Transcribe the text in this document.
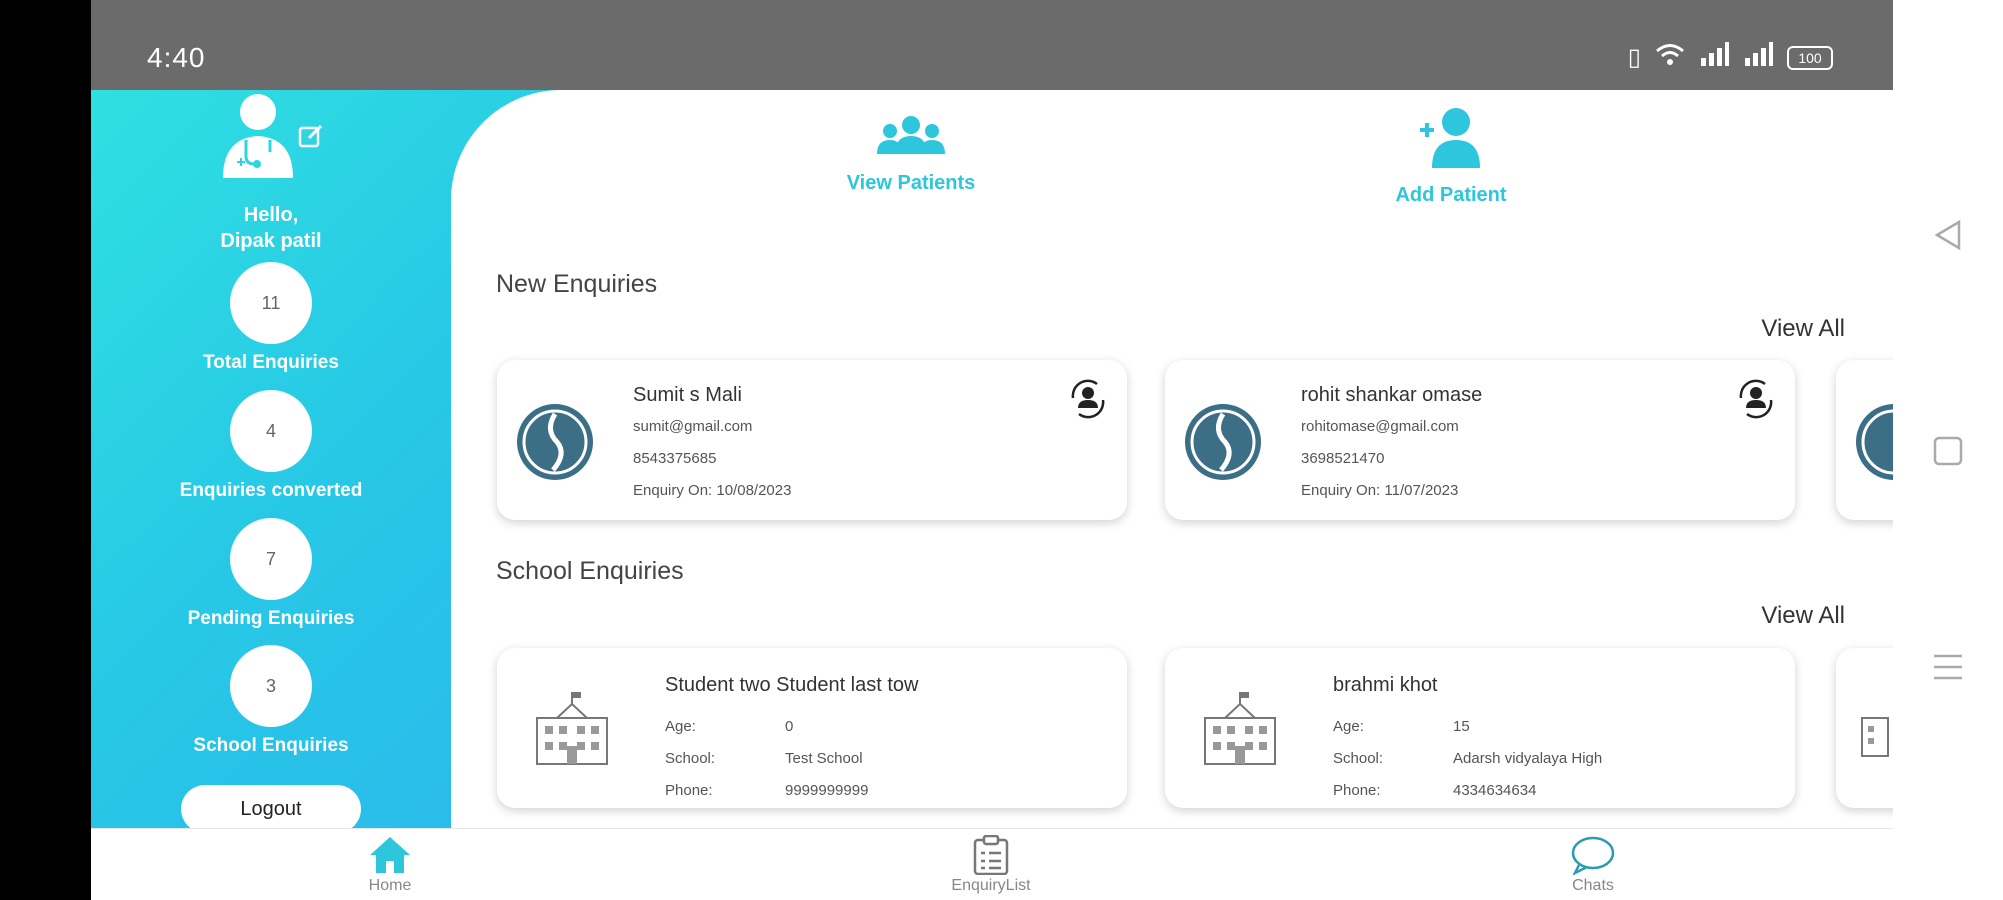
4:40	▯	100
Hello,
Dipak patil
11
Total Enquiries
4
Enquiries converted
7
Pending Enquiries
3
School Enquiries
Logout
View Patients
Add Patient
New Enquiries
View All
Sumit s Mali
sumit@gmail.com
8543375685
Enquiry On: 10/08/2023
rohit shankar omase
rohitomase@gmail.com
3698521470
Enquiry On: 11/07/2023
School Enquiries
View All
Student two Student last tow
Age:	0
School:	Test School
Phone:	9999999999
brahmi khot
Age:	15
School:	Adarsh vidyalaya High
Phone:	4334634634
Home	EnquiryList	Chats
